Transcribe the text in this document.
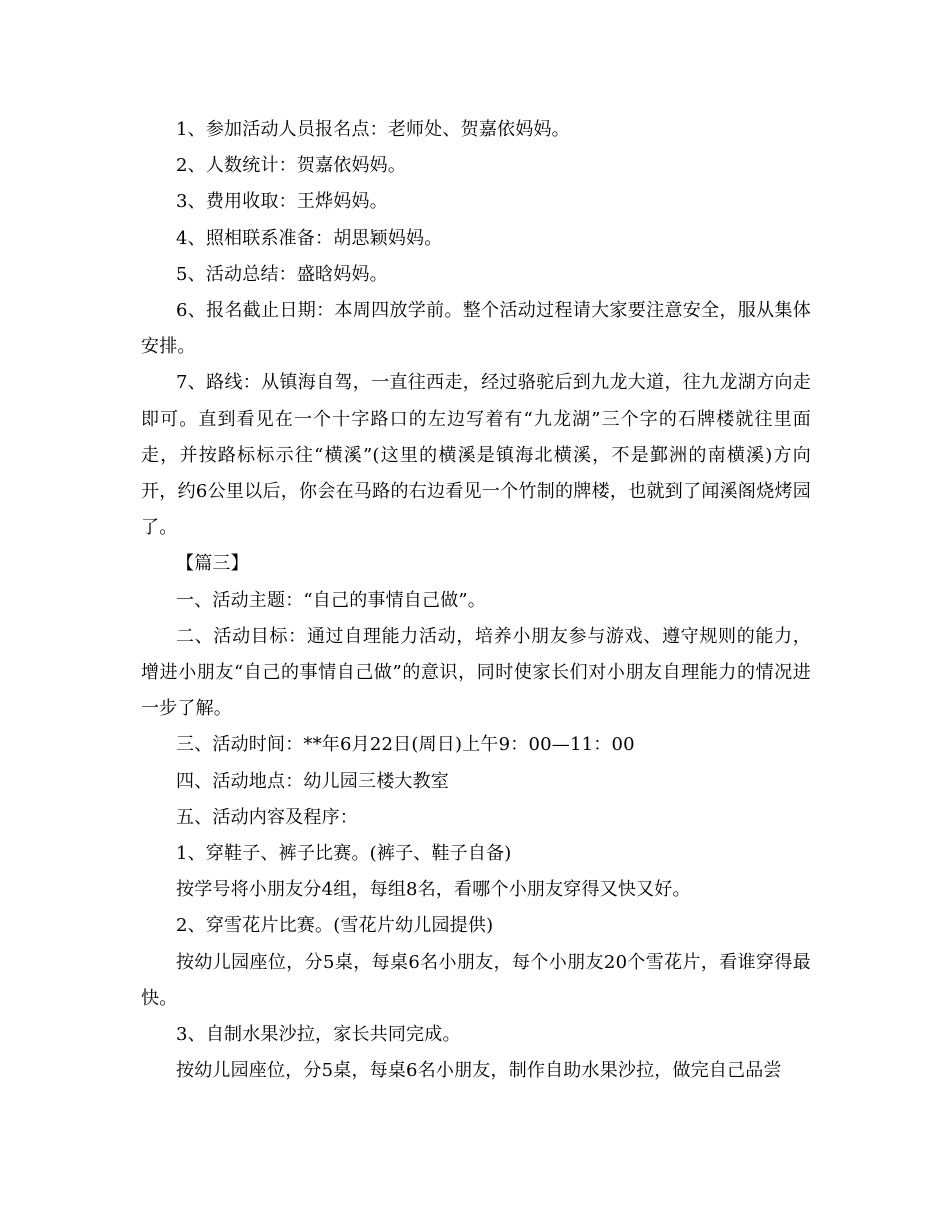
1、参加活动人员报名点：老师处、贺嘉依妈妈。

2、人数统计：贺嘉依妈妈。

3、费用收取：王烨妈妈。

4、照相联系准备：胡思颖妈妈。

5、活动总结：盛晗妈妈。

6、报名截止日期：本周四放学前。整个活动过程请大家要注意安全，服从集体安排。

7、路线：从镇海自驾，一直往西走，经过骆驼后到九龙大道，往九龙湖方向走即可。直到看见在一个十字路口的左边写着有“九龙湖”三个字的石牌楼就往里面走，并按路标标示往“横溪”(这里的横溪是镇海北横溪，不是鄞洲的南横溪)方向开，约6公里以后，你会在马路的右边看见一个竹制的牌楼，也就到了闻溪阁烧烤园了。

【篇三】

一、活动主题：“自己的事情自己做”。

二、活动目标：通过自理能力活动，培养小朋友参与游戏、遵守规则的能力，增进小朋友“自己的事情自己做”的意识，同时使家长们对小朋友自理能力的情况进一步了解。

三、活动时间：**年6月22日(周日)上午9：00—11：00

四、活动地点：幼儿园三楼大教室

五、活动内容及程序：

1、穿鞋子、裤子比赛。(裤子、鞋子自备)

按学号将小朋友分4组，每组8名，看哪个小朋友穿得又快又好。

2、穿雪花片比赛。(雪花片幼儿园提供)

按幼儿园座位，分5桌，每桌6名小朋友，每个小朋友20个雪花片，看谁穿得最快。

3、自制水果沙拉，家长共同完成。

按幼儿园座位，分5桌，每桌6名小朋友，制作自助水果沙拉，做完自己品尝
